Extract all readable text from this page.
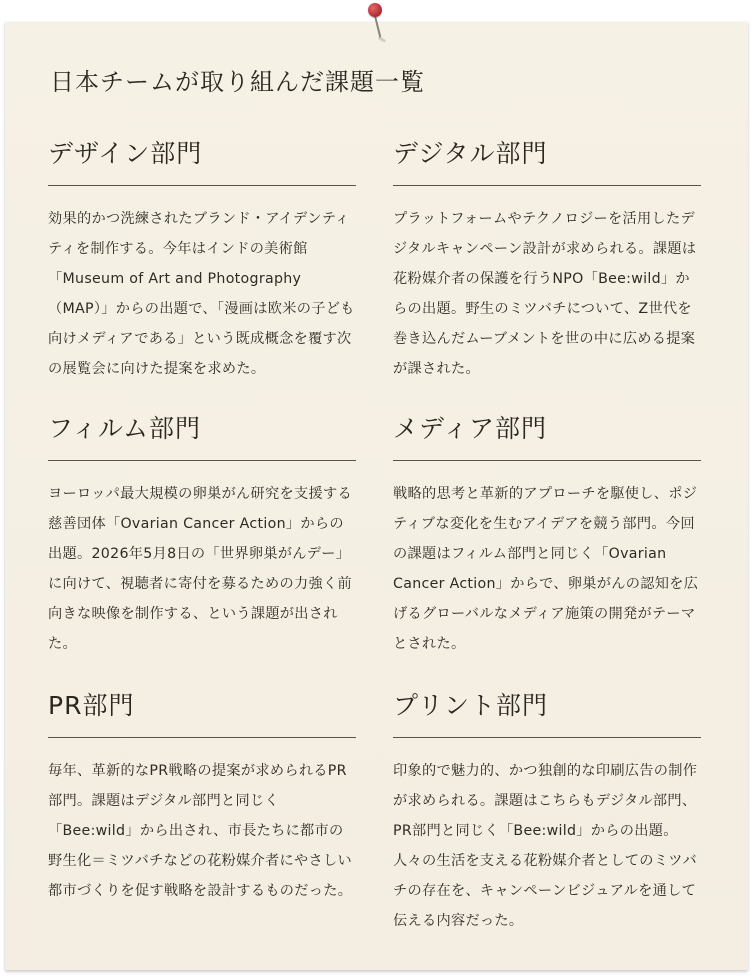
日本チームが取り組んだ課題一覧
デザイン部門

効果的かつ洗練されたブランド・アイデンティティを制作する。今年はインドの美術館「Museum of Art and Photography（MAP）」からの出題で、「漫画は欧米の子ども向けメディアである」という既成概念を覆す次の展覧会に向けた提案を求めた。

デジタル部門

プラットフォームやテクノロジーを活用したデジタルキャンペーン設計が求められる。課題は花粉媒介者の保護を行うNPO「Bee:wild」からの出題。野生のミツバチについて、Z世代を巻き込んだムーブメントを世の中に広める提案が課された。

フィルム部門

ヨーロッパ最大規模の卵巣がん研究を支援する慈善団体「Ovarian Cancer Action」からの出題。2026年5月8日の「世界卵巣がんデー」に向けて、視聴者に寄付を募るための力強く前向きな映像を制作する、という課題が出された。

メディア部門

戦略的思考と革新的アプローチを駆使し、ポジティブな変化を生むアイデアを競う部門。今回の課題はフィルム部門と同じく「Ovarian Cancer Action」からで、卵巣がんの認知を広げるグローバルなメディア施策の開発がテーマとされた。

PR部門

毎年、革新的なPR戦略の提案が求められるPR部門。課題はデジタル部門と同じく「Bee:wild」から出され、市長たちに都市の野生化＝ミツバチなどの花粉媒介者にやさしい都市づくりを促す戦略を設計するものだった。

プリント部門

印象的で魅力的、かつ独創的な印刷広告の制作が求められる。課題はこちらもデジタル部門、PR部門と同じく「Bee:wild」からの出題。人々の生活を支える花粉媒介者としてのミツバチの存在を、キャンペーンビジュアルを通して伝える内容だった。
